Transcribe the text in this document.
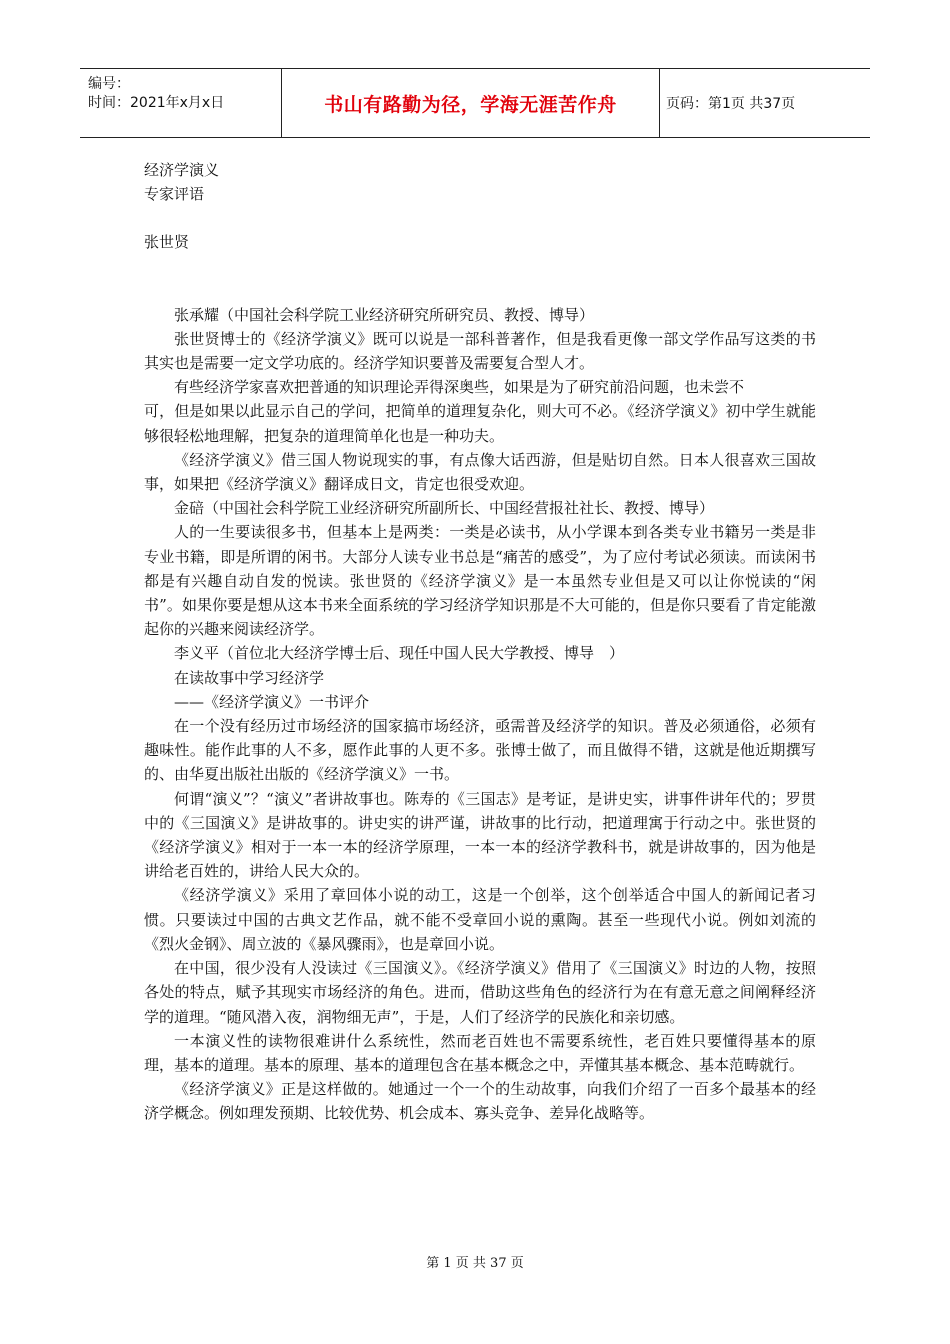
编号：
时间：2021年x月x日	书山有路勤为径，学海无涯苦作舟	页码：第1页 共37页

经济学演义

专家评语

张世贤

张承耀（中国社会科学院工业经济研究所研究员、教授、博导）

张世贤博士的《经济学演义》既可以说是一部科普著作，但是我看更像一部文学作品写这类的书其实也是需要一定文学功底的。经济学知识要普及需要复合型人才。

有些经济学家喜欢把普通的知识理论弄得深奥些，如果是为了研究前沿问题，也未尝不

可，但是如果以此显示自己的学问，把简单的道理复杂化，则大可不必。《经济学演义》初中学生就能够很轻松地理解，把复杂的道理简单化也是一种功夫。

《经济学演义》借三国人物说现实的事，有点像大话西游，但是贴切自然。日本人很喜欢三国故事，如果把《经济学演义》翻译成日文，肯定也很受欢迎。

金碚（中国社会科学院工业经济研究所副所长、中国经营报社社长、教授、博导）

人的一生要读很多书，但基本上是两类：一类是必读书，从小学课本到各类专业书籍另一类是非专业书籍，即是所谓的闲书。大部分人读专业书总是“痛苦的感受”，为了应付考试必须读。而读闲书都是有兴趣自动自发的悦读。张世贤的《经济学演义》是一本虽然专业但是又可以让你悦读的“闲书”。如果你要是想从这本书来全面系统的学习经济学知识那是不大可能的，但是你只要看了肯定能激起你的兴趣来阅读经济学。

李义平（首位北大经济学博士后、现任中国人民大学教授、博导　）

在读故事中学习经济学

——《经济学演义》一书评介

在一个没有经历过市场经济的国家搞市场经济，亟需普及经济学的知识。普及必须通俗，必须有趣味性。能作此事的人不多，愿作此事的人更不多。张博士做了，而且做得不错，这就是他近期撰写的、由华夏出版社出版的《经济学演义》一书。

何谓“演义”？“演义”者讲故事也。陈寿的《三国志》是考证，是讲史实，讲事件讲年代的；罗贯中的《三国演义》是讲故事的。讲史实的讲严谨，讲故事的比行动，把道理寓于行动之中。张世贤的《经济学演义》相对于一本一本的经济学原理，一本一本的经济学教科书，就是讲故事的，因为他是讲给老百姓的，讲给人民大众的。

《经济学演义》采用了章回体小说的动工，这是一个创举，这个创举适合中国人的新闻记者习惯。只要读过中国的古典文艺作品，就不能不受章回小说的熏陶。甚至一些现代小说。例如刘流的《烈火金钢》、周立波的《暴风骤雨》，也是章回小说。

在中国，很少没有人没读过《三国演义》。《经济学演义》借用了《三国演义》时边的人物，按照各处的特点，赋予其现实市场经济的角色。进而，借助这些角色的经济行为在有意无意之间阐释经济学的道理。“随风潜入夜，润物细无声”，于是，人们了经济学的民族化和亲切感。

一本演义性的读物很难讲什么系统性，然而老百姓也不需要系统性，老百姓只要懂得基本的原理，基本的道理。基本的原理、基本的道理包含在基本概念之中，弄懂其基本概念、基本范畴就行。

《经济学演义》正是这样做的。她通过一个一个的生动故事，向我们介绍了一百多个最基本的经济学概念。例如理发预期、比较优势、机会成本、寡头竞争、差异化战略等。

第 1 页 共 37 页
